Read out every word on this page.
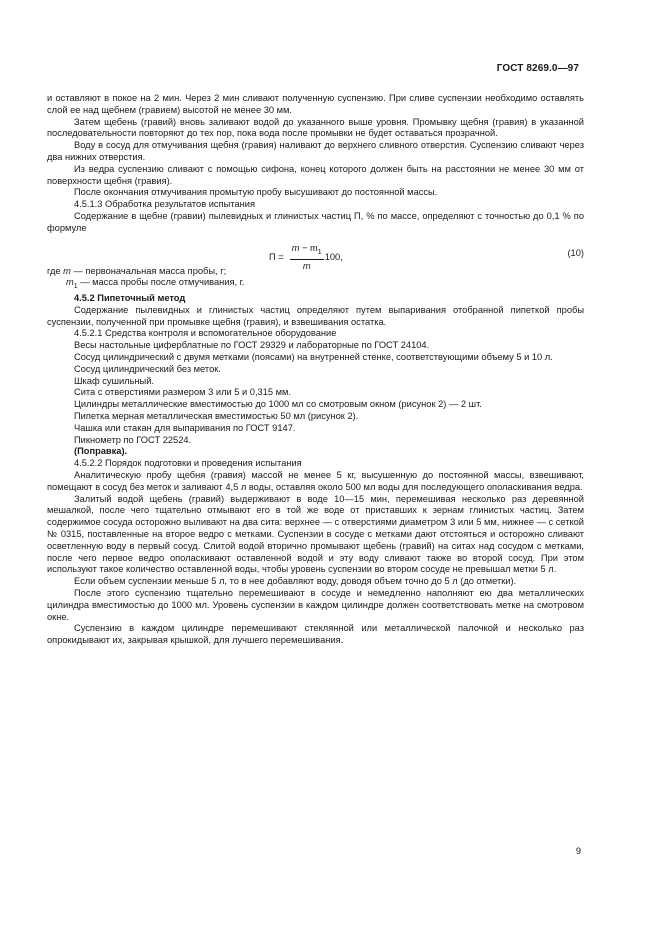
ГОСТ 8269.0—97

и оставляют в покое на 2 мин. Через 2 мин сливают полученную суспензию. При сливе суспензии необходимо оставлять слой ее над щебнем (гравием) высотой не менее 30 мм.

Затем щебень (гравий) вновь заливают водой до указанного выше уровня. Промывку щебня (гравия) в указанной последовательности повторяют до тех пор, пока вода после промывки не будет оставаться прозрачной.

Воду в сосуд для отмучивания щебня (гравия) наливают до верхнего сливного отверстия. Суспензию сливают через два нижних отверстия.

Из ведра суспензию сливают с помощью сифона, конец которого должен быть на расстоянии не менее 30 мм от поверхности щебня (гравия).

После окончания отмучивания промытую пробу высушивают до постоянной массы.

4.5.1.3 Обработка результатов испытания

Содержание в щебне (гравии) пылевидных и глинистых частиц П, % по массе, определяют с точностью до 0,1 % по формуле

$П = \frac{m - m_1}{m} 100$,	(10)

где m — первоначальная масса пробы, г;

$m_1$ — масса пробы после отмучивания, г.

4.5.2 Пипеточный метод

Содержание пылевидных и глинистых частиц определяют путем выпаривания отобранной пипеткой пробы суспензии, полученной при промывке щебня (гравия), и взвешивания остатка.

4.5.2.1 Средства контроля и вспомогательное оборудование

Весы настольные циферблатные по ГОСТ 29329 и лабораторные по ГОСТ 24104.

Сосуд цилиндрический с двумя метками (поясами) на внутренней стенке, соответствующими объему 5 и 10 л.

Сосуд цилиндрический без меток.

Шкаф сушильный.

Сита с отверстиями размером 3 или 5 и 0,315 мм.

Цилиндры металлические вместимостью до 1000 мл со смотровым окном (рисунок 2) — 2 шт.

Пипетка мерная металлическая вместимостью 50 мл (рисунок 2).

Чашка или стакан для выпаривания по ГОСТ 9147.

Пикнометр по ГОСТ 22524.

(Поправка).

4.5.2.2 Порядок подготовки и проведения испытания

Аналитическую пробу щебня (гравия) массой не менее 5 кг, высушенную до постоянной массы, взвешивают, помещают в сосуд без меток и заливают 4,5 л воды, оставляя около 500 мл воды для последующего ополаскивания ведра.

Залитый водой щебень (гравий) выдерживают в воде 10—15 мин, перемешивая несколько раз деревянной мешалкой, после чего тщательно отмывают его в той же воде от приставших к зернам глинистых частиц. Затем содержимое сосуда осторожно выливают на два сита: верхнее — с отверстиями диаметром 3 или 5 мм, нижнее — с сеткой № 0315, поставленные на второе ведро с метками. Суспензии в сосуде с метками дают отстояться и осторожно сливают осветленную воду в первый сосуд. Слитой водой вторично промывают щебень (гравий) на ситах над сосудом с метками, после чего первое ведро ополаскивают оставленной водой и эту воду сливают также во второй сосуд. При этом используют такое количество оставленной воды, чтобы уровень суспензии во втором сосуде не превышал метки 5 л.

Если объем суспензии меньше 5 л, то в нее добавляют воду, доводя объем точно до 5 л (до отметки).

После этого суспензию тщательно перемешивают в сосуде и немедленно наполняют ею два металлических цилиндра вместимостью до 1000 мл. Уровень суспензии в каждом цилиндре должен соответствовать метке на смотровом окне.

Суспензию в каждом цилиндре перемешивают стеклянной или металлической палочкой и несколько раз опрокидывают их, закрывая крышкой, для лучшего перемешивания.

9
